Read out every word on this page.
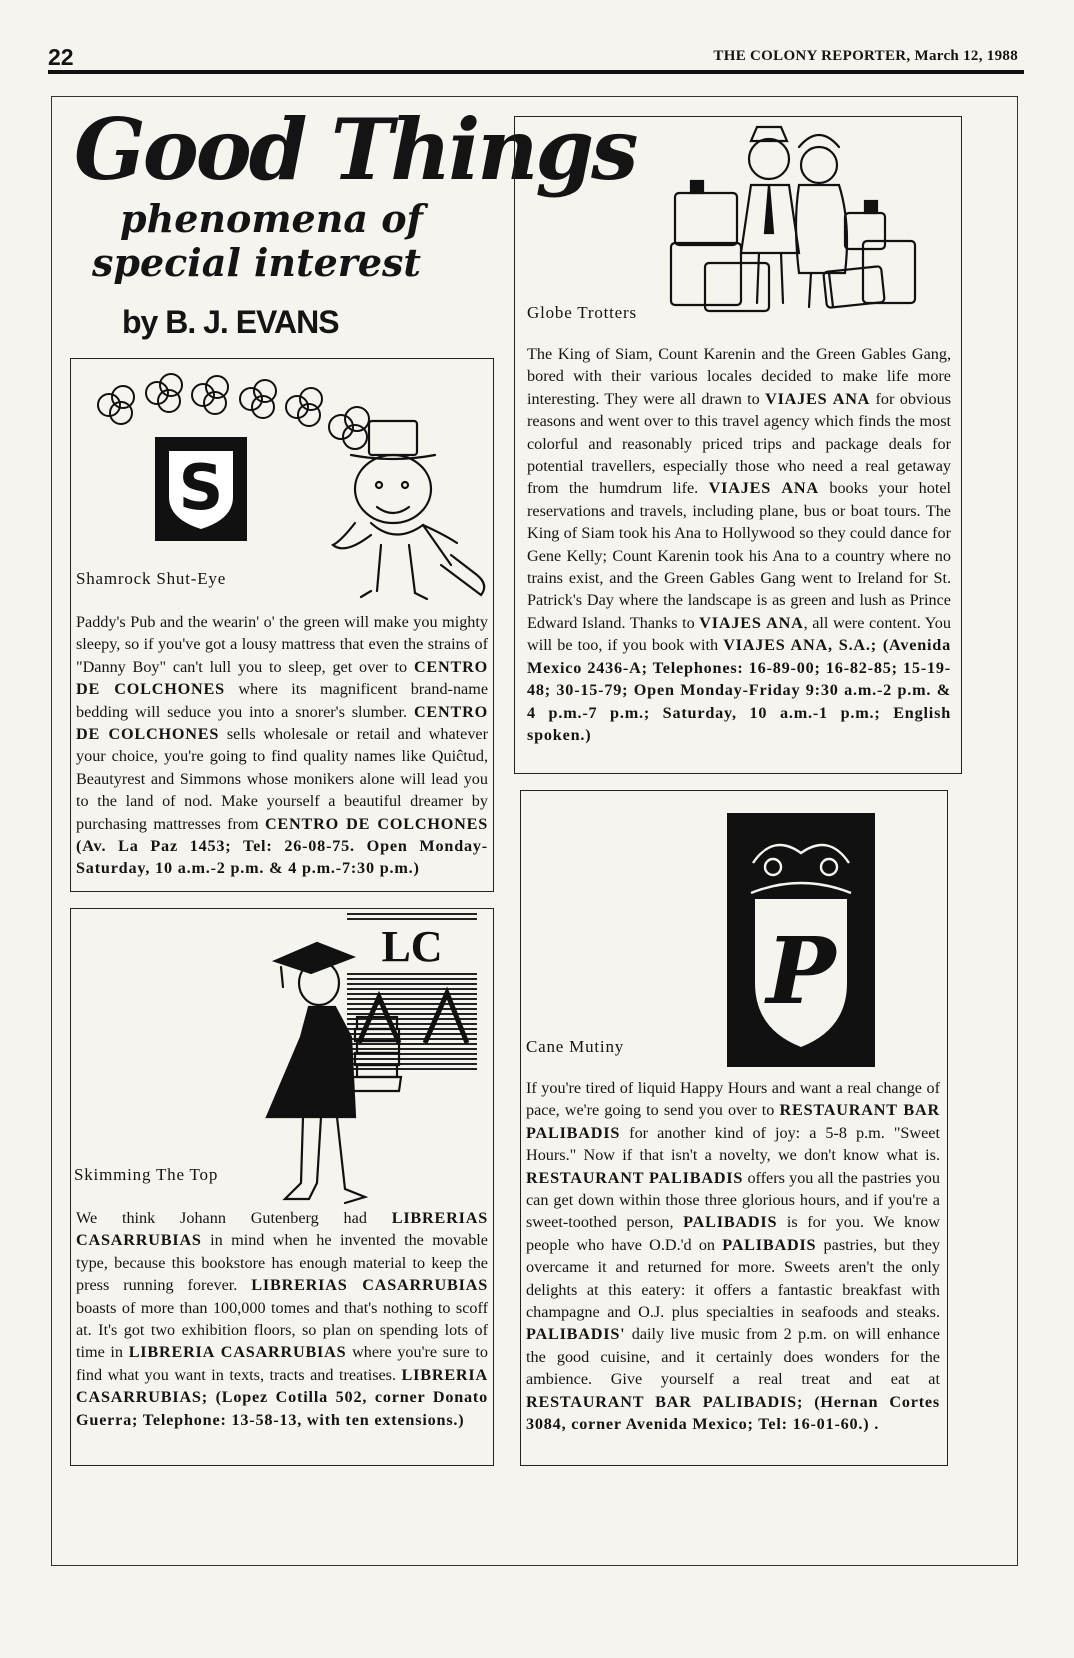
22	THE COLONY REPORTER, March 12, 1988
Good Things
phenomena of
special interest
by B. J. EVANS
S
Shamrock Shut-Eye
Paddy's Pub and the wearin' o' the green will make you mighty sleepy, so if you've got a lousy mattress that even the strains of "Danny Boy" can't lull you to sleep, get over to CENTRO DE COLCHONES where its magnificent brand-name bedding will seduce you into a snorer's slumber. CENTRO DE COLCHONES sells wholesale or retail and whatever your choice, you're going to find quality names like Quiĉtud, Beautyrest and Simmons whose monikers alone will lead you to the land of nod. Make yourself a beautiful dreamer by purchasing mattresses from CENTRO DE COLCHONES (Av. La Paz 1453; Tel: 26-08-75. Open Monday-Saturday, 10 a.m.-2 p.m. & 4 p.m.-7:30 p.m.)
LC
Skimming The Top
We think Johann Gutenberg had LIBRERIAS CASARRUBIAS in mind when he invented the movable type, because this bookstore has enough material to keep the press running forever. LIBRERIAS CASARRUBIAS boasts of more than 100,000 tomes and that's nothing to scoff at. It's got two exhibition floors, so plan on spending lots of time in LIBRERIA CASARRUBIAS where you're sure to find what you want in texts, tracts and treatises. LIBRERIA CASARRUBIAS; (Lopez Cotilla 502, corner Donato Guerra; Telephone: 13-58-13, with ten extensions.)
Globe Trotters
The King of Siam, Count Karenin and the Green Gables Gang, bored with their various locales decided to make life more interesting. They were all drawn to VIAJES ANA for obvious reasons and went over to this travel agency which finds the most colorful and reasonably priced trips and package deals for potential travellers, especially those who need a real getaway from the humdrum life. VIAJES ANA books your hotel reservations and travels, including plane, bus or boat tours. The King of Siam took his Ana to Hollywood so they could dance for Gene Kelly; Count Karenin took his Ana to a country where no trains exist, and the Green Gables Gang went to Ireland for St. Patrick's Day where the landscape is as green and lush as Prince Edward Island. Thanks to VIAJES ANA, all were content. You will be too, if you book with VIAJES ANA, S.A.; (Avenida Mexico 2436-A; Telephones: 16-89-00; 16-82-85; 15-19-48; 30-15-79; Open Monday-Friday 9:30 a.m.-2 p.m. & 4 p.m.-7 p.m.; Saturday, 10 a.m.-1 p.m.; English spoken.)
P
Cane Mutiny
If you're tired of liquid Happy Hours and want a real change of pace, we're going to send you over to RESTAURANT BAR PALIBADIS for another kind of joy: a 5-8 p.m. "Sweet Hours." Now if that isn't a novelty, we don't know what is. RESTAURANT PALIBADIS offers you all the pastries you can get down within those three glorious hours, and if you're a sweet-toothed person, PALIBADIS is for you. We know people who have O.D.'d on PALIBADIS pastries, but they overcame it and returned for more. Sweets aren't the only delights at this eatery: it offers a fantastic breakfast with champagne and O.J. plus specialties in seafoods and steaks. PALIBADIS' daily live music from 2 p.m. on will enhance the good cuisine, and it certainly does wonders for the ambience. Give yourself a real treat and eat at RESTAURANT BAR PALIBADIS; (Hernan Cortes 3084, corner Avenida Mexico; Tel: 16-01-60.) .
